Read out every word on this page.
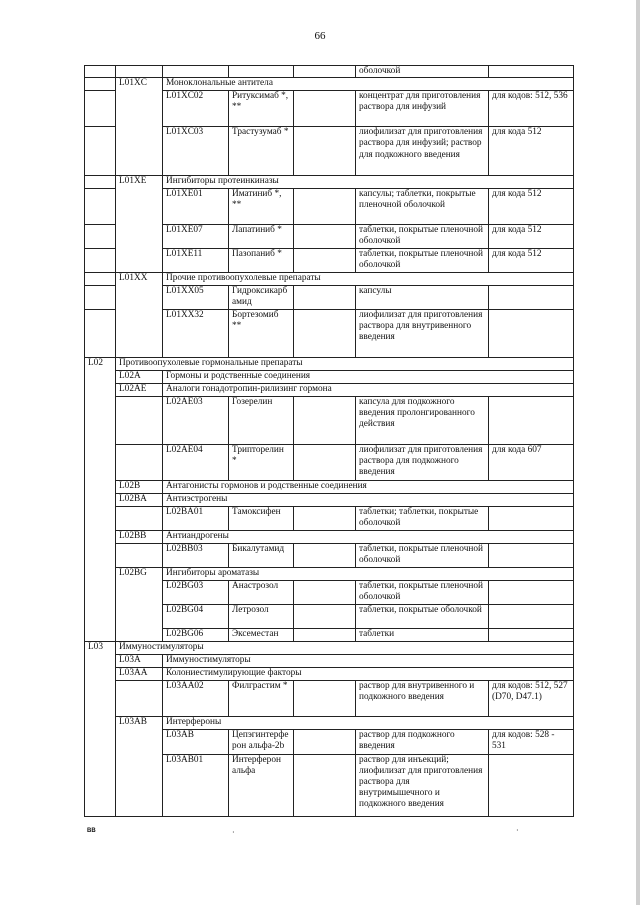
66
					оболочкой	
	L01XC	Моноклональные антитела				
		L01XC02	Ритуксимаб *, **		концентрат для приготовления раствора для инфузий	для кодов: 512, 536
		L01XC03	Трастузумаб *		лиофилизат для приготовления раствора для инфузий; раствор для подкожного введения	для кода 512
	L01XE	Ингибиторы протеинкиназы				
		L01XE01	Иматиниб *, **		капсулы; таблетки, покрытые пленочной оболочкой	для кода 512
		L01XE07	Лапатиниб *		таблетки, покрытые пленочной оболочкой	для кода 512
		L01XE11	Пазопаниб *		таблетки, покрытые пленочной оболочкой	для кода 512
	L01XX	Прочие противоопухолевые препараты				
		L01XX05	Гидроксикарбамид		капсулы	
		L01XX32	Бортезомиб **		лиофилизат для приготовления раствора для внутривенного введения	
L02	Противоопухолевые гормональные препараты					
	L02A	Гормоны и родственные соединения				
	L02AE	Аналоги гонадотропин-рилизинг гормона				
		L02AE03	Гозерелин		капсула для подкожного введения пролонгированного действия	
		L02AE04	Трипторелин *		лиофилизат для приготовления раствора для подкожного введения	для кода 607
	L02B	Антагонисты гормонов и родственные соединения				
	L02BA	Антиэстрогены				
		L02BA01	Тамоксифен		таблетки; таблетки, покрытые оболочкой	
	L02BB	Антиандрогены				
		L02BB03	Бикалутамид		таблетки, покрытые пленочной оболочкой	
	L02BG	Ингибиторы ароматазы				
		L02BG03	Анастрозол		таблетки, покрытые пленочной оболочкой	
		L02BG04	Летрозол		таблетки, покрытые оболочкой	
		L02BG06	Эксеместан		таблетки	
L03	Иммуностимуляторы					
	L03A	Иммуностимуляторы				
	L03AA	Колониестимулирующие факторы				
		L03AA02	Филграстим *		раствор для внутривенного и подкожного введения	для кодов: 512, 527 (D70, D47.1)
	L03AB	Интерфероны				
		L03AB	Цепэгинтерферон альфа-2b		раствор для подкожного введения	для кодов: 528 - 531
		L03AB01	Интерферон альфа		раствор для инъекций; лиофилизат для приготовления раствора для внутримышечного и подкожного введения	
ВВ	·	·
